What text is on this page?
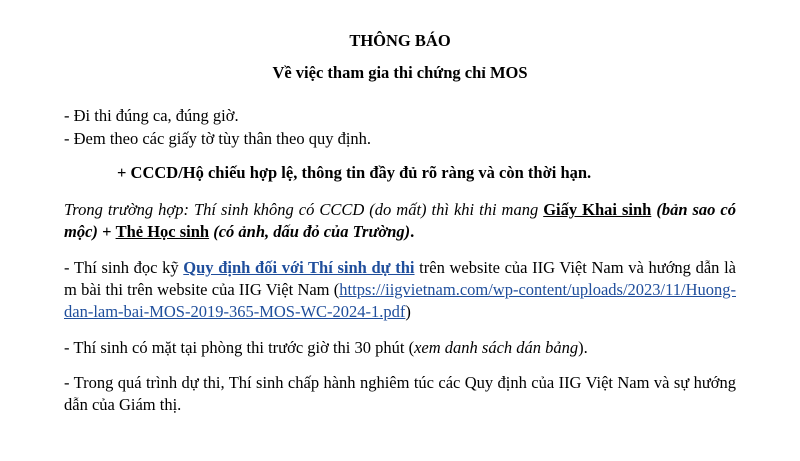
THÔNG BÁO
Về việc tham gia thi chứng chỉ MOS
- Đi thi đúng ca, đúng giờ.
- Đem theo các giấy tờ tùy thân theo quy định.
+ CCCD/Hộ chiếu hợp lệ, thông tin đầy đủ rõ ràng và còn thời hạn.
Trong trường hợp: Thí sinh không có CCCD (do mất) thì khi thi mang Giấy Khai sinh (bản sao có mộc) + Thẻ Học sinh (có ảnh, dấu đỏ của Trường).
- Thí sinh đọc kỹ Quy định đối với Thí sinh dự thi trên website của IIG Việt Nam và hướng dẫn làm bài thi trên website của IIG Việt Nam (https://iigvietnam.com/wp-content/uploads/2023/11/Huong-dan-lam-bai-MOS-2019-365-MOS-WC-2024-1.pdf)
- Thí sinh có mặt tại phòng thi trước giờ thi 30 phút (xem danh sách dán bảng).
- Trong quá trình dự thi, Thí sinh chấp hành nghiêm túc các Quy định của IIG Việt Nam và sự hướng dẫn của Giám thị.
